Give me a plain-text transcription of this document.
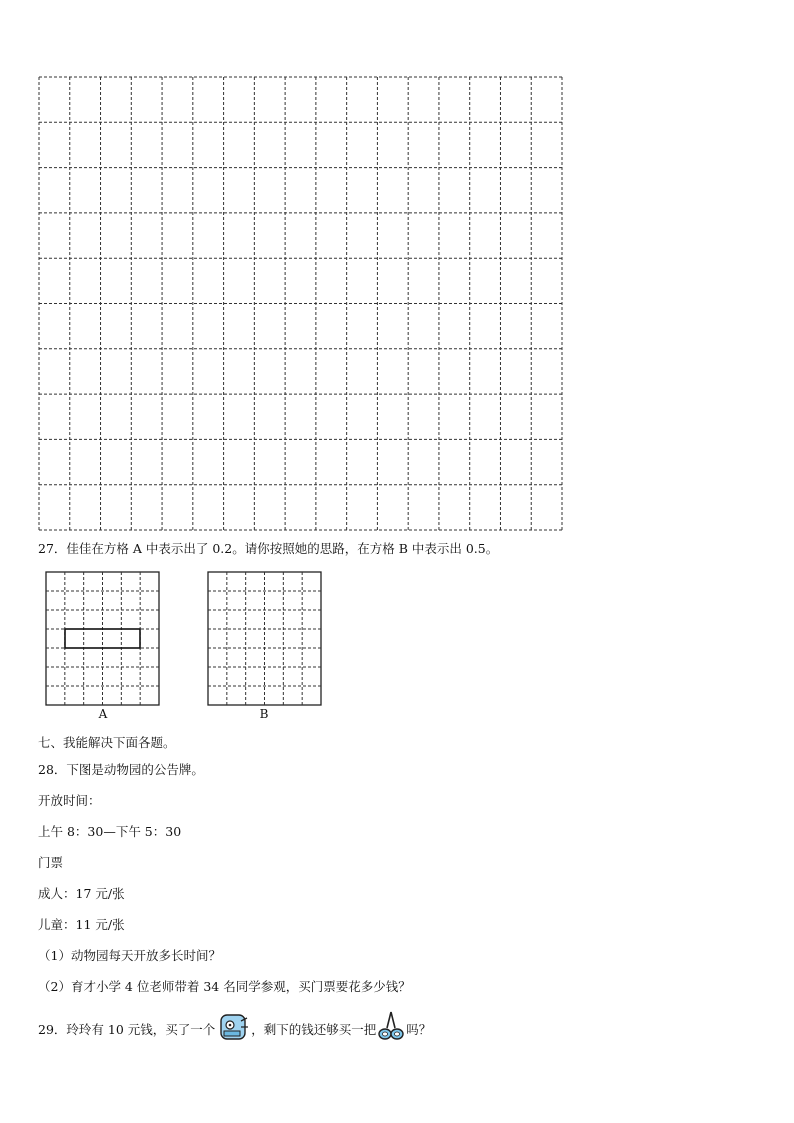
27．佳佳在方格 A 中表示出了 0.2。请你按照她的思路，在方格 B 中表示出 0.5。
A	B
七、我能解决下面各题。
28．下图是动物园的公告牌。
开放时间：
上午 8：30—下午 5：30
门票
成人：17 元/张
儿童：11 元/张
（1）动物园每天开放多长时间？
（2）育才小学 4 位老师带着 34 名同学参观，买门票要花多少钱？
29．玲玲有 10 元钱，买了一个	，剩下的钱还够买一把 吗？
